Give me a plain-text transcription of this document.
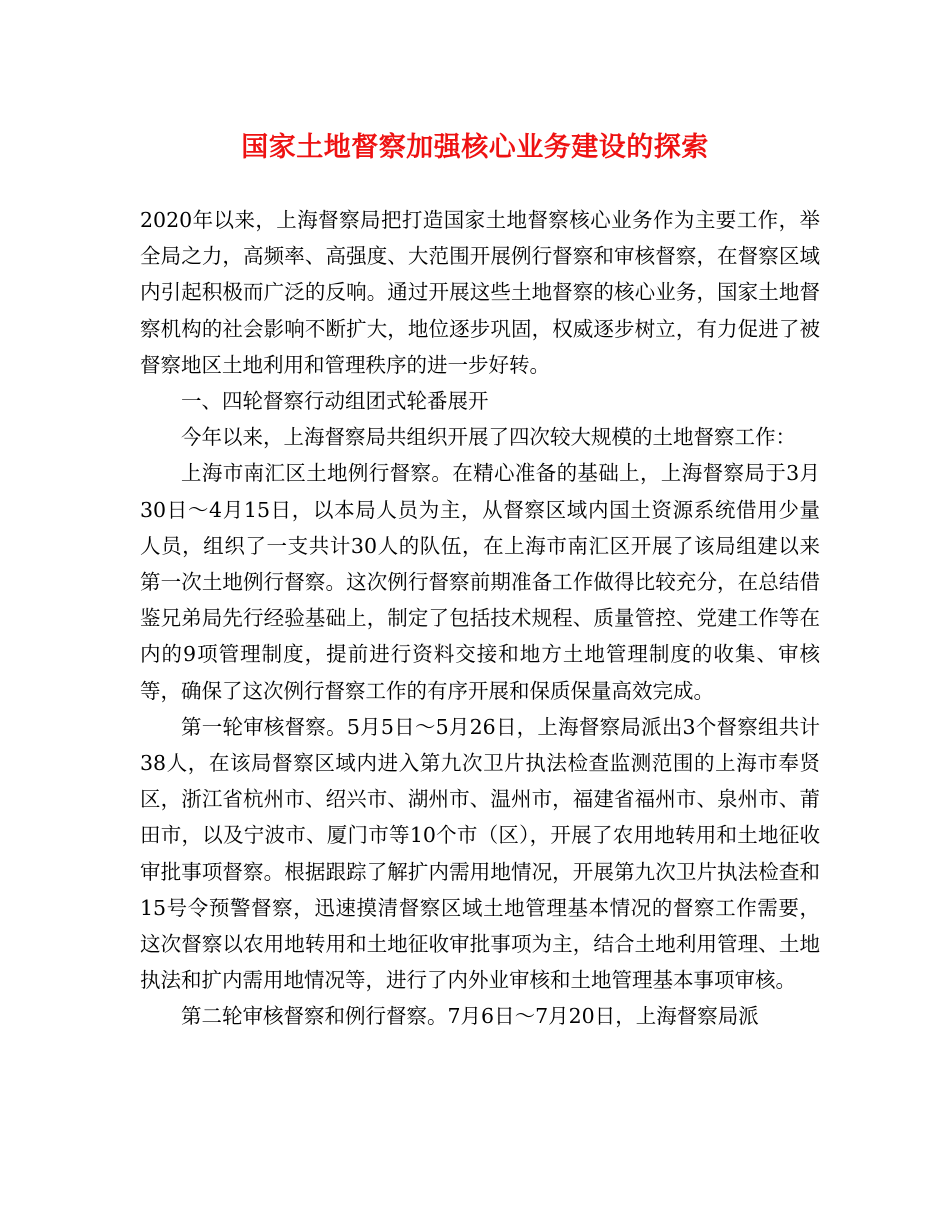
国家土地督察加强核心业务建设的探索

2020年以来，上海督察局把打造国家土地督察核心业务作为主要工作，举全局之力，高频率、高强度、大范围开展例行督察和审核督察，在督察区域内引起积极而广泛的反响。通过开展这些土地督察的核心业务，国家土地督察机构的社会影响不断扩大，地位逐步巩固，权威逐步树立，有力促进了被督察地区土地利用和管理秩序的进一步好转。

一、四轮督察行动组团式轮番展开

今年以来，上海督察局共组织开展了四次较大规模的土地督察工作：

上海市南汇区土地例行督察。在精心准备的基础上，上海督察局于3月30日～4月15日，以本局人员为主，从督察区域内国土资源系统借用少量人员，组织了一支共计30人的队伍，在上海市南汇区开展了该局组建以来第一次土地例行督察。这次例行督察前期准备工作做得比较充分，在总结借鉴兄弟局先行经验基础上，制定了包括技术规程、质量管控、党建工作等在内的9项管理制度，提前进行资料交接和地方土地管理制度的收集、审核等，确保了这次例行督察工作的有序开展和保质保量高效完成。

第一轮审核督察。5月5日～5月26日，上海督察局派出3个督察组共计38人，在该局督察区域内进入第九次卫片执法检查监测范围的上海市奉贤区，浙江省杭州市、绍兴市、湖州市、温州市，福建省福州市、泉州市、莆田市，以及宁波市、厦门市等10个市（区），开展了农用地转用和土地征收审批事项督察。根据跟踪了解扩内需用地情况，开展第九次卫片执法检查和15号令预警督察，迅速摸清督察区域土地管理基本情况的督察工作需要，这次督察以农用地转用和土地征收审批事项为主，结合土地利用管理、土地执法和扩内需用地情况等，进行了内外业审核和土地管理基本事项审核。

第二轮审核督察和例行督察。7月6日～7月20日，上海督察局派
